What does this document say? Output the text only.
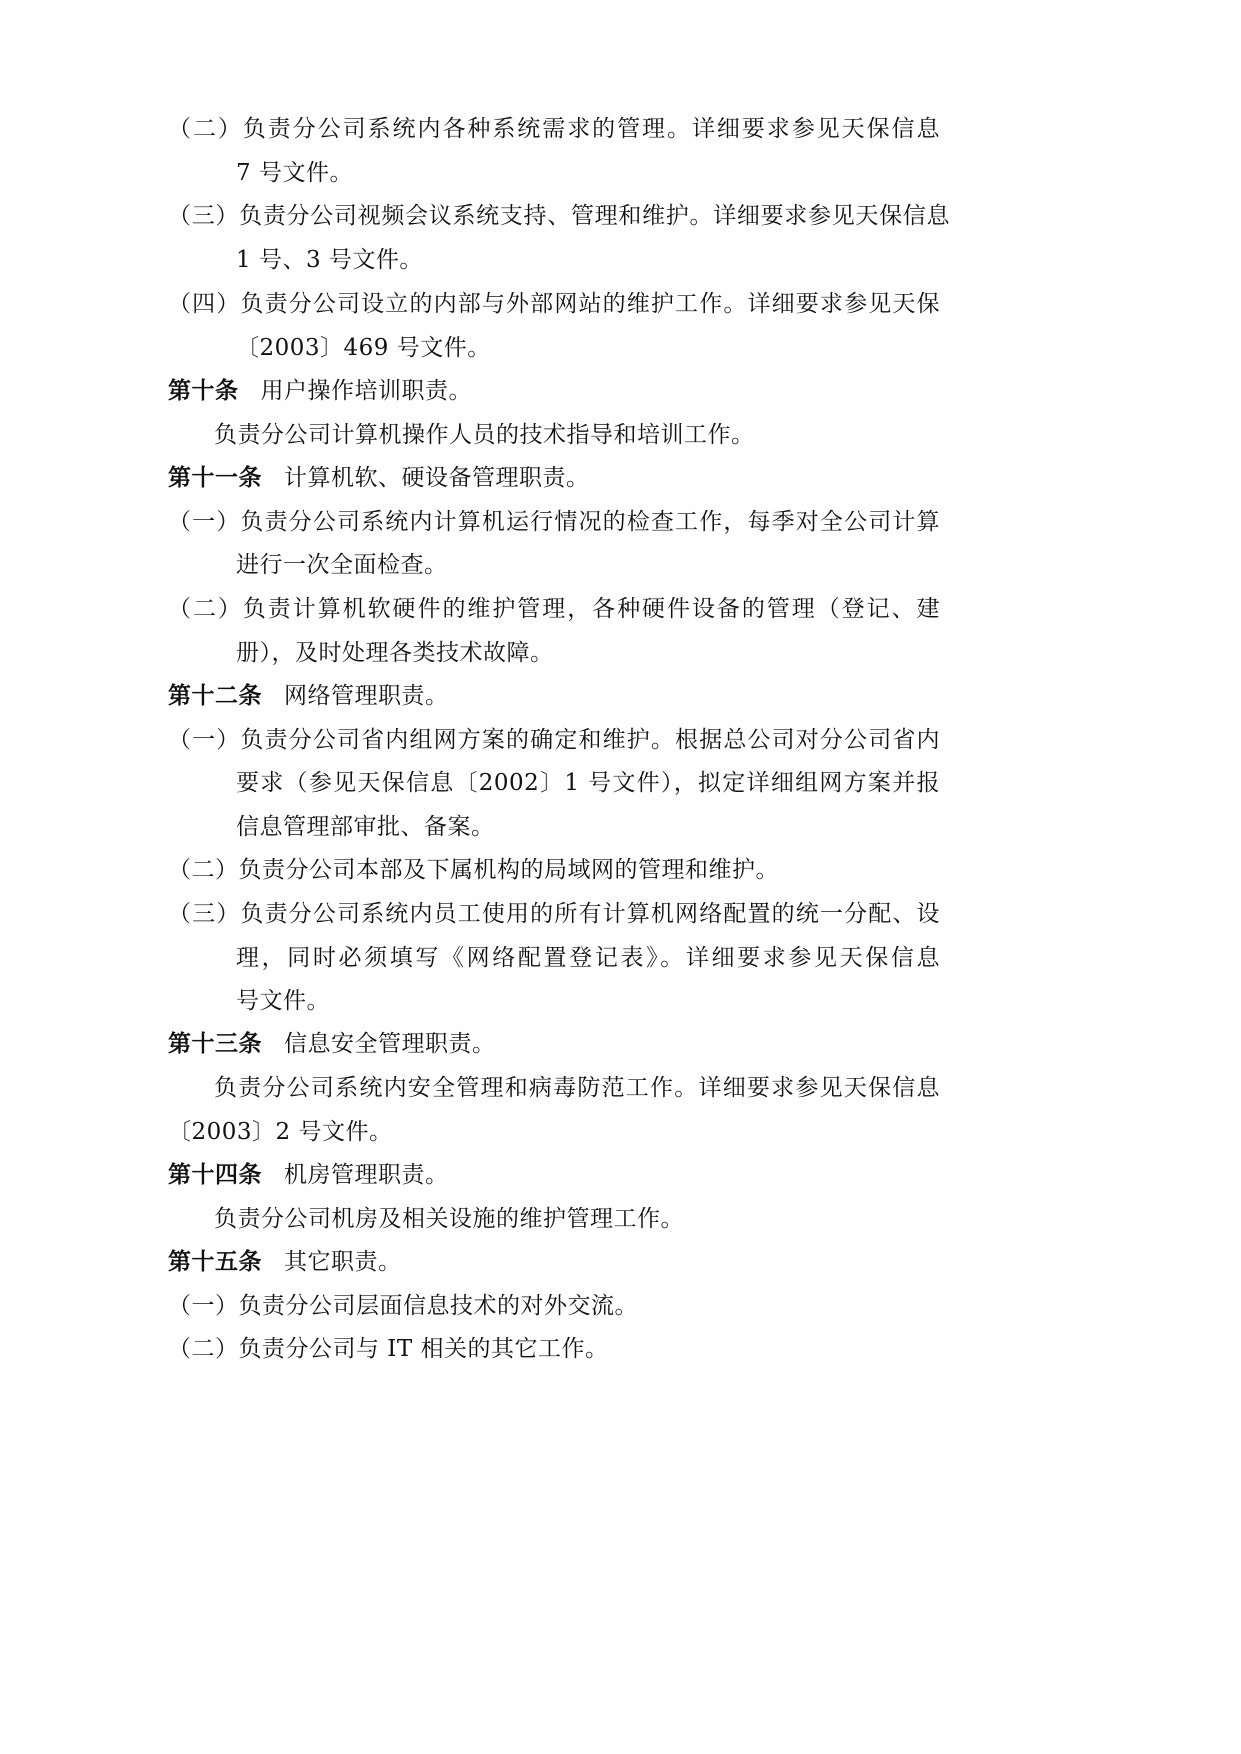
（二）负责分公司系统内各种系统需求的管理。详细要求参见天保信息
7 号文件。
（三）负责分公司视频会议系统支持、管理和维护。详细要求参见天保信息
1 号、3 号文件。
（四）负责分公司设立的内部与外部网站的维护工作。详细要求参见天保
〔2003〕469 号文件。
第十条 用户操作培训职责。
负责分公司计算机操作人员的技术指导和培训工作。
第十一条 计算机软、硬设备管理职责。
（一）负责分公司系统内计算机运行情况的检查工作，每季对全公司计算
进行一次全面检查。
（二）负责计算机软硬件的维护管理，各种硬件设备的管理（登记、建
册），及时处理各类技术故障。
第十二条 网络管理职责。
（一）负责分公司省内组网方案的确定和维护。根据总公司对分公司省内
要求（参见天保信息〔2002〕1 号文件），拟定详细组网方案并报
信息管理部审批、备案。
（二）负责分公司本部及下属机构的局域网的管理和维护。
（三）负责分公司系统内员工使用的所有计算机网络配置的统一分配、设
理，同时必须填写《网络配置登记表》。详细要求参见天保信息
号文件。
第十三条 信息安全管理职责。
负责分公司系统内安全管理和病毒防范工作。详细要求参见天保信息
〔2003〕2 号文件。
第十四条 机房管理职责。
负责分公司机房及相关设施的维护管理工作。
第十五条 其它职责。
（一）负责分公司层面信息技术的对外交流。
（二）负责分公司与 IT 相关的其它工作。
